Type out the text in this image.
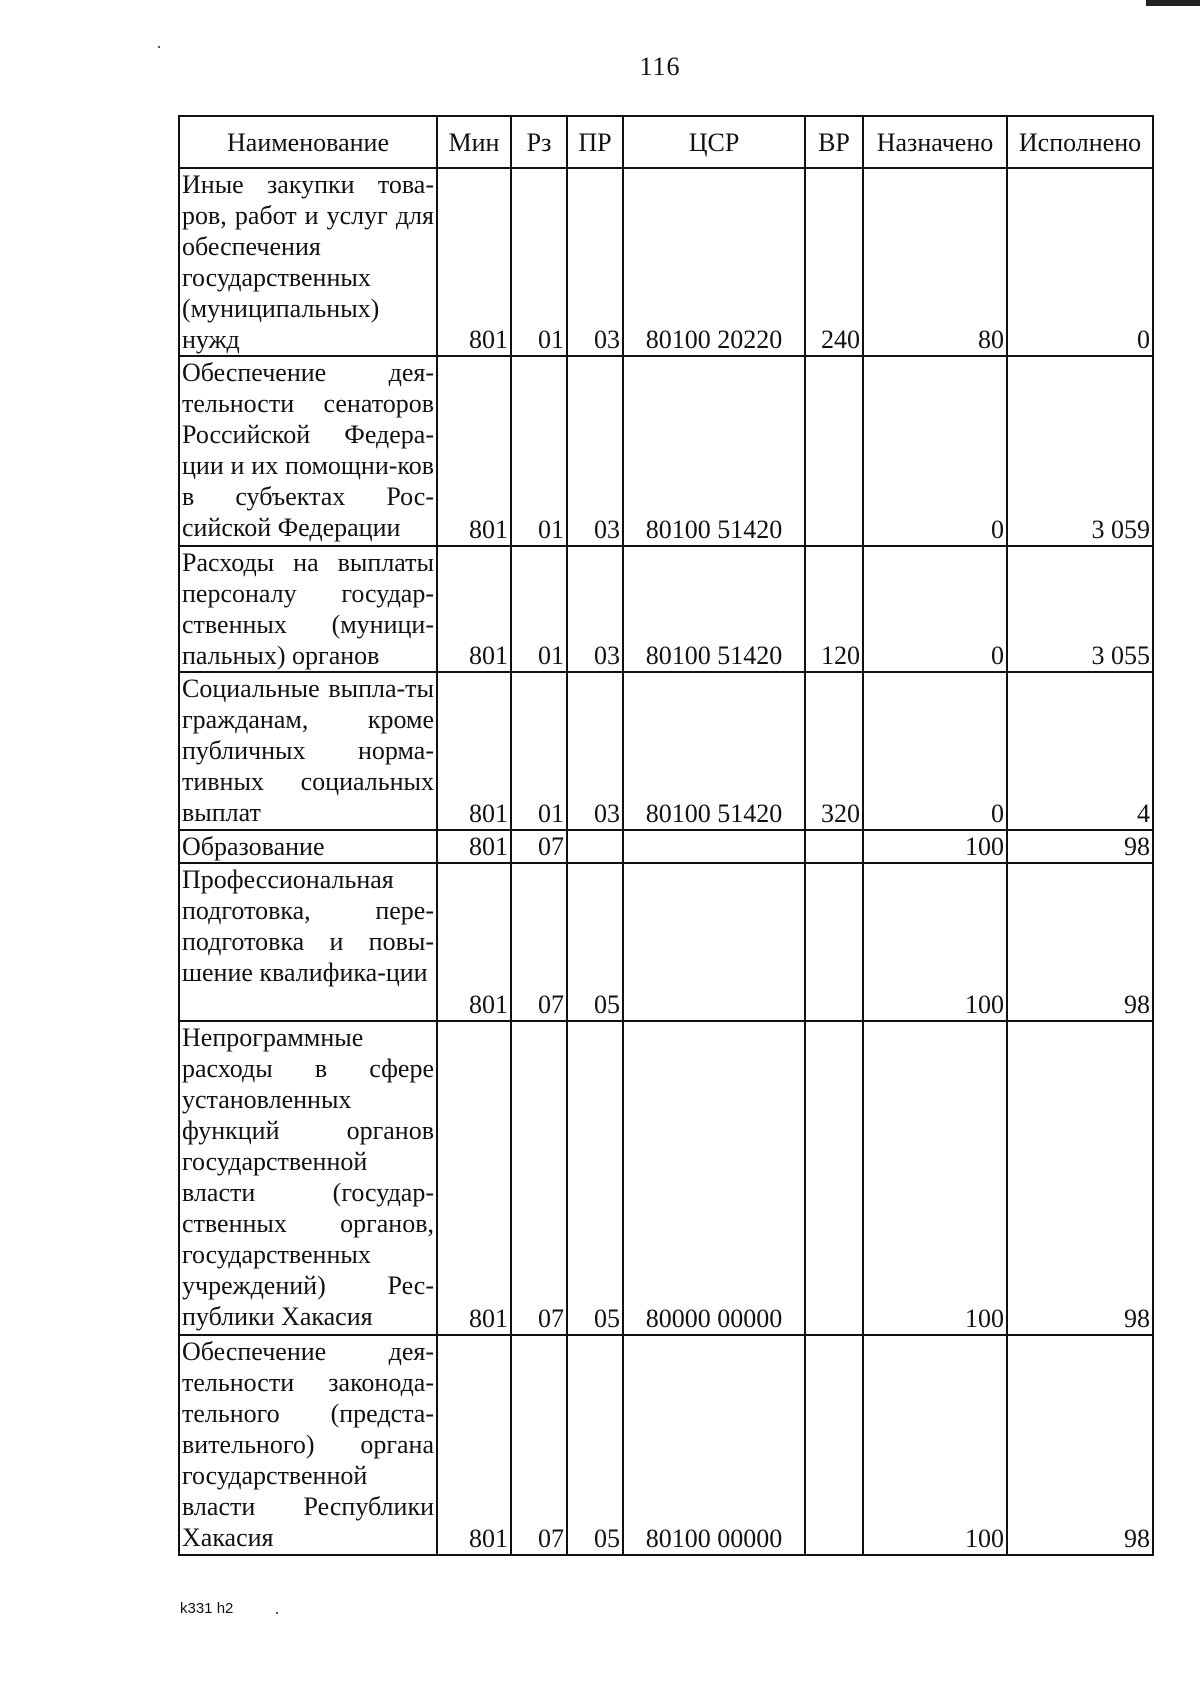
116
Наименование	Мин	Рз	ПР	ЦСР	ВР	Назначено	Исполнено
Иные закупки това-ров, работ и услуг для обеспечения государственных (муниципальных) нужд	801	01	03	80100 20220	240	80	0
Обеспечение дея-тельности сенаторов Российской Федера-ции и их помощни-ков в субъектах Рос-сийской Федерации	801	01	03	80100 51420		0	3 059
Расходы на выплаты персоналу государ-ственных (муници-пальных) органов	801	01	03	80100 51420	120	0	3 055
Социальные выпла-ты гражданам, кроме публичных норма-тивных социальных выплат	801	01	03	80100 51420	320	0	4
Образование	801	07				100	98
Профессиональная подготовка, пере-подготовка и повы-шение квалифика-ции	801	07	05			100	98
Непрограммные расходы в сфере установленных функций органов государственной власти (государ-ственных органов, государственных учреждений) Рес-публики Хакасия	801	07	05	80000 00000		100	98
Обеспечение дея-тельности законода-тельного (предста-вительного) органа государственной власти Республики Хакасия	801	07	05	80100 00000		100	98
k331 h2
